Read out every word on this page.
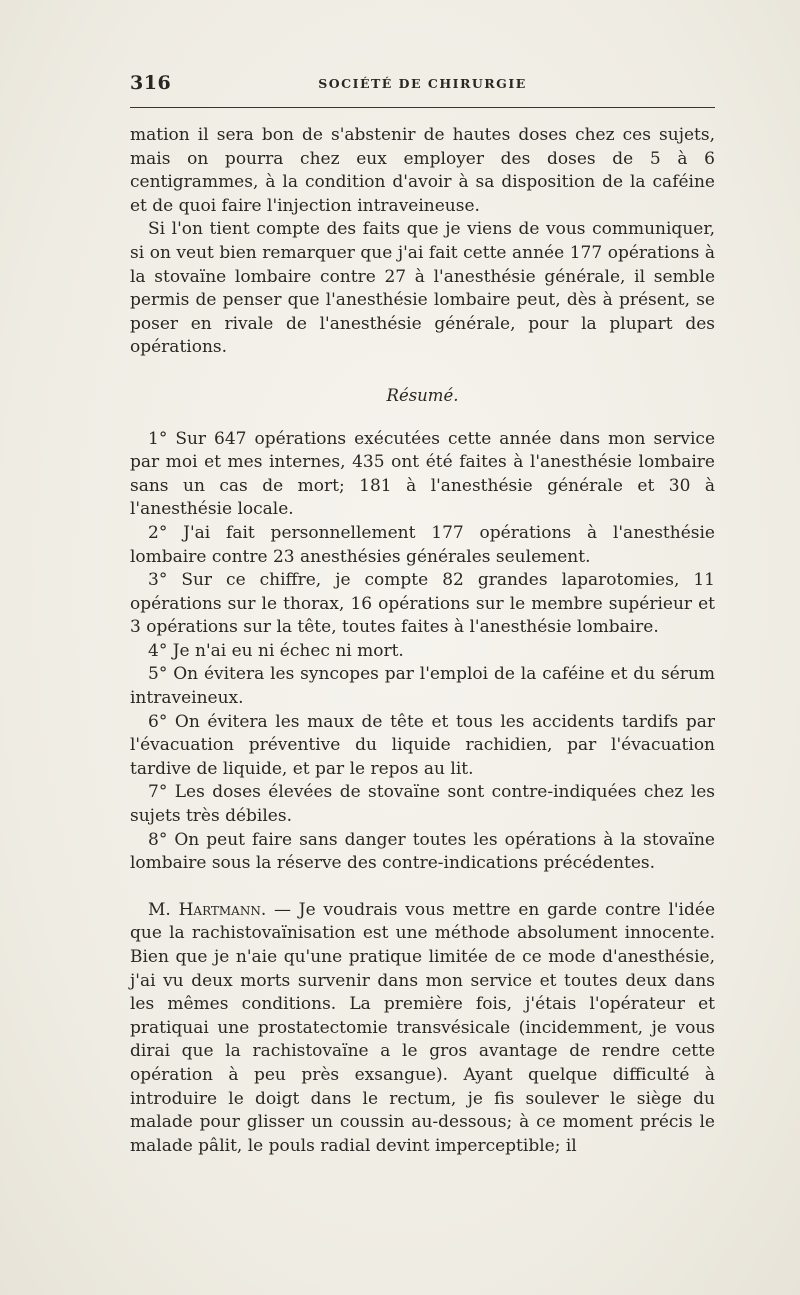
316	SOCIÉTÉ DE CHIRURGIE

mation il sera bon de s'abstenir de hautes doses chez ces sujets, mais on pourra chez eux employer des doses de 5 à 6 centigrammes, à la condition d'avoir à sa disposition de la caféine et de quoi faire l'injection intraveineuse.

Si l'on tient compte des faits que je viens de vous communiquer, si on veut bien remarquer que j'ai fait cette année 177 opérations à la stovaïne lombaire contre 27 à l'anesthésie générale, il semble permis de penser que l'anesthésie lombaire peut, dès à présent, se poser en rivale de l'anesthésie générale, pour la plupart des opérations.

Résumé.

1° Sur 647 opérations exécutées cette année dans mon service par moi et mes internes, 435 ont été faites à l'anesthésie lombaire sans un cas de mort; 181 à l'anesthésie générale et 30 à l'anesthésie locale.

2° J'ai fait personnellement 177 opérations à l'anesthésie lombaire contre 23 anesthésies générales seulement.

3° Sur ce chiffre, je compte 82 grandes laparotomies, 11 opérations sur le thorax, 16 opérations sur le membre supérieur et 3 opérations sur la tête, toutes faites à l'anesthésie lombaire.

4° Je n'ai eu ni échec ni mort.

5° On évitera les syncopes par l'emploi de la caféine et du sérum intraveineux.

6° On évitera les maux de tête et tous les accidents tardifs par l'évacuation préventive du liquide rachidien, par l'évacuation tardive de liquide, et par le repos au lit.

7° Les doses élevées de stovaïne sont contre-indiquées chez les sujets très débiles.

8° On peut faire sans danger toutes les opérations à la stovaïne lombaire sous la réserve des contre-indications précédentes.

M. Hartmann. — Je voudrais vous mettre en garde contre l'idée que la rachistovaïnisation est une méthode absolument innocente. Bien que je n'aie qu'une pratique limitée de ce mode d'anesthésie, j'ai vu deux morts survenir dans mon service et toutes deux dans les mêmes conditions. La première fois, j'étais l'opérateur et pratiquai une prostatectomie transvésicale (incidemment, je vous dirai que la rachistovaïne a le gros avantage de rendre cette opération à peu près exsangue). Ayant quelque difficulté à introduire le doigt dans le rectum, je fis soulever le siège du malade pour glisser un coussin au-dessous; à ce moment précis le malade pâlit, le pouls radial devint imperceptible; il
